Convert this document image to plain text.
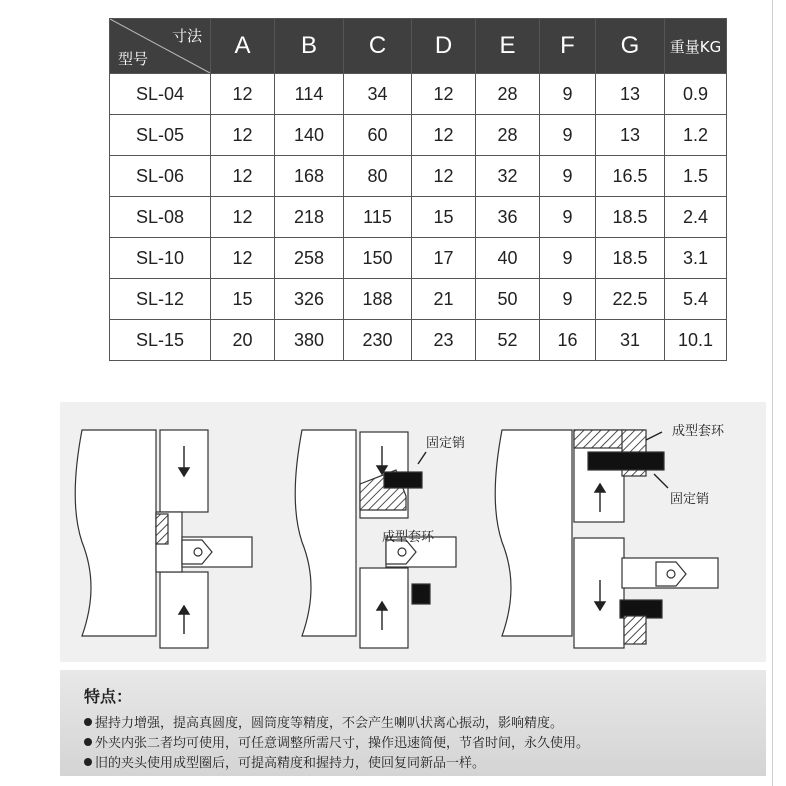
寸法
型号	A	B	C	D	E	F	G	重量KG
SL-04	12	114	34	12	28	9	13	0.9
SL-05	12	140	60	12	28	9	13	1.2
SL-06	12	168	80	12	32	9	16.5	1.5
SL-08	12	218	115	15	36	9	18.5	2.4
SL-10	12	258	150	17	40	9	18.5	3.1
SL-12	15	326	188	21	50	9	22.5	5.4
SL-15	20	380	230	23	52	16	31	10.1
固定销
成型套环
成型套环
固定销
特点：
握持力增强，提高真圆度，圆筒度等精度，不会产生喇叭状离心振动，影响精度。
外夹内张二者均可使用，可任意调整所需尺寸，操作迅速简便，节省时间，永久使用。
旧的夹头使用成型圈后，可提高精度和握持力，使回复同新品一样。
